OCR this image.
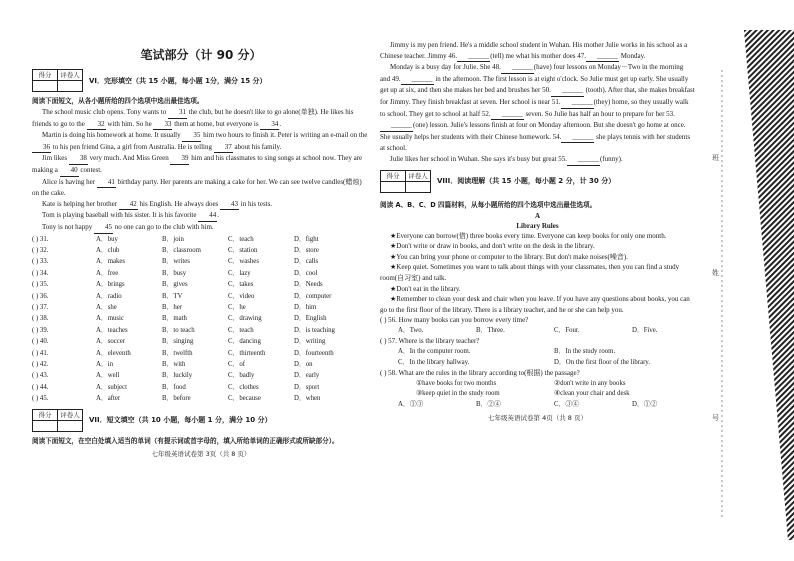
笔试部分（计 90 分）
得分	评卷人
VI．完形填空（共 15 小题，每小题 1分，满分 15 分）
阅读下面短文，从各小题所给的四个选项中选出最佳选项。

The school music club opens. Tony wants to 31 the club, but he doesn't like to go alone(单独). He likes his friends to go to the 32 with him. So he 33 them at home, but everyone is 34.

Martin is doing his homework at home. It usually 35 him two hours to finish it. Peter is writing an e-mail on the 36 to his pen friend Gina, a girl from Australia. He is telling 37 about his family.

Jim likes 38 very much. And Miss Green 39 him and his classmates to sing songs at school now. They are making a 40 contest.

Alice is having her 41 birthday party. Her parents are making a cake for her. We can see twelve candles(蜡烛) on the cake.

Kate is helping her brother 42 his English. He always does 43 in his tests.

Tom is playing baseball with his sister. It is his favorite 44.

Tony is not happy 45 no one can go to the club with him.

( ) 31.	A．buy	B．join	C．teach	D．fight
( ) 32.	A．club	B．classroom	C．station	D．store
( ) 33.	A．makes	B．writes	C．washes	D．calls
( ) 34.	A．free	B．busy	C．lazy	D．cool
( ) 35.	A．brings	B．gives	C．takes	D．Needs
( ) 36.	A．radio	B．TV	C．video	D．computer
( ) 37.	A．she	B．her	C．he	D．him
( ) 38.	A．music	B．math	C．drawing	D．English
( ) 39.	A．teaches	B．to teach	C．teach	D．is teaching
( ) 40.	A．soccer	B．singing	C．dancing	D．writing
( ) 41.	A．eleventh	B．twelfth	C．thirteenth	D．fourteenth
( ) 42.	A．in	B．with	C．of	D．on
( ) 43.	A．well	B．luckily	C．badly	D．early
( ) 44.	A．subject	B．food	C．clothes	D．sport
( ) 45.	A．after	B．before	C．because	D．when
得分	评卷人
VII．短文填空（共 10 小题，每小题 1 分，满分 10 分）
阅读下面短文，在空白处填入适当的单词（有提示词或首字母的，填入所给单词的正确形式或所缺部分）。
七年级英语试卷第 3页（共 8 页）

Jimmy is my pen friend. He's a middle school student in Wuhan. His mother Julie works in his school as a Chinese teacher. Jimmy 46. ______(tell) me what his mother does 47. ______ Monday.

Monday is a busy day for Julie. She 48. ______(have) four lessons on Monday－Two in the morning and 49. ______ in the afternoon. The first lesson is at eight o'clock. So Julie must get up early. She usually get up at six, and then she makes her bed and brushes her 50. ______ (tooth). After that, she makes breakfast for Jimmy. They finish breakfast at seven. Her school is near 51. ______(they) home, so they usually walk to school. They get to school at half 52. ______ seven. So Julie has half an hour to prepare for her 53.______(one) lesson. Julie's lessons finish at four on Monday afternoon. But she doesn't go home at once. She usually helps her students with their Chinese homework. 54. ______ she plays tennis with her students at school.

Julie likes her school in Wuhan. She says it's busy but great 55. ______(funny).

得分	评卷人
VIII．阅读理解（共 15 小题，每小题 2 分，计 30 分）
阅读 A、B、C、D 四篇材料，从每小题所给的四个选项中选出最佳选项。
A
Library Rules

★Everyone can borrow(借) three books every time. Everyone can keep books for only one month.

★Don't write or draw in books, and don't write on the desk in the library.

★You can bring your phone or computer to the library. But don't make noises(噪音).

★Keep quiet. Sometimes you want to talk about things with your classmates, then you can find a study room(自习室) and talk.

★Don't eat in the library.

★Remember to clean your desk and chair when you leave. If you have any questions about books, you can go to the first floor of the library. There is a library teacher, and he or she can help you.

( ) 56. How many books can you borrow every time?

A．Two.	B．Three.	C．Four.	D．Five.

( ) 57. Where is the library teacher?

A．In the computer room.	B．In the study room.
C．In the library hallway.	D．On the first floor of the library.

( ) 58. What are the rules in the library according to(根据) the passage?

①have books for two months	②don't write in any books
③keep quiet in the study room	④clean your chair and desk
A．①③	B．②④	C．③④	D．①②
七年级英语试卷第 4页（共 8 页）
班
姓
号
